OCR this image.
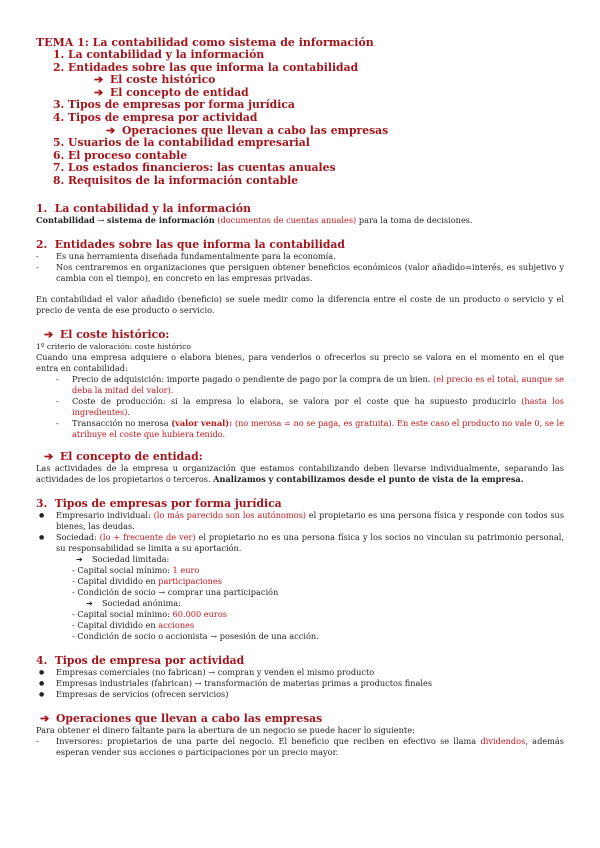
TEMA 1: La contabilidad como sistema de información
1. La contabilidad y la información
2. Entidades sobre las que informa la contabilidad
➔ El coste histórico
➔ El concepto de entidad
3. Tipos de empresas por forma jurídica
4. Tipos de empresa por actividad
➔ Operaciones que llevan a cabo las empresas
5. Usuarios de la contabilidad empresarial
6. El proceso contable
7. Los estados financieros: las cuentas anuales
8. Requisitos de la información contable
1. La contabilidad y la información

Contabilidad → sistema de información (documentos de cuentas anuales) para la toma de decisiones.

2. Entidades sobre las que informa la contabilidad
- Es una herramienta diseñada fundamentalmente para la economía.
- Nos centraremos en organizaciones que persiguen obtener beneficios económicos (valor añadido=interés, es subjetivo y cambia con el tiempo), en concreto en las empresas privadas.

En contabilidad el valor añadido (beneficio) se suele medir como la diferencia entre el coste de un producto o servicio y el precio de venta de ese producto o servicio.

➔ El coste histórico:

1º criterio de valoración: coste histórico

Cuando una empresa adquiere o elabora bienes, para venderlos o ofrecerlos su precio se valora en el momento en el que entra en contabilidad:

- Precio de adquisición: importe pagado o pendiente de pago por la compra de un bien. (el precio es el total, aunque se deba la mitad del valor).
- Coste de producción: si la empresa lo elabora, se valora por el coste que ha supuesto producirlo (hasta los ingredientes).
- Transacción no merosa (valor venal): (no merosa = no se paga, es gratuita). En este caso el producto no vale 0, se le atribuye el coste que hubiera tenido.
➔ El concepto de entidad:

Las actividades de la empresa u organización que estamos contabilizando deben llevarse individualmente, separando las actividades de los propietarios o terceros. Analizamos y contabilizamos desde el punto de vista de la empresa.

3. Tipos de empresas por forma jurídica
● Empresario individual: (lo más parecido son los autónomos) el propietario es una persona física y responde con todos sus bienes, las deudas.
● Sociedad: (lo + frecuente de ver) el propietario no es una persona física y los socios no vinculan su patrimonio personal, su responsabilidad se limita a su aportación.
➔ Sociedad limitada:
- Capital social mínimo: 1 euro
- Capital dividido en participaciones
- Condición de socio → comprar una participación
➔ Sociedad anónima:
- Capital social mínimo: 60.000 euros
- Capital dividido en acciones
- Condición de socio o accionista → posesión de una acción.
4. Tipos de empresa por actividad
● Empresas comerciales (no fabrican) → compran y venden el mismo producto
● Empresas industriales (fabrican) → transformación de materias primas a productos finales
● Empresas de servicios (ofrecen servicios)
➔ Operaciones que llevan a cabo las empresas

Para obtener el dinero faltante para la abertura de un negocio se puede hacer lo siguiente:

- Inversores: propietarios de una parte del negocio. El beneficio que reciben en efectivo se llama dividendos, además esperan vender sus acciones o participaciones por un precio mayor.
